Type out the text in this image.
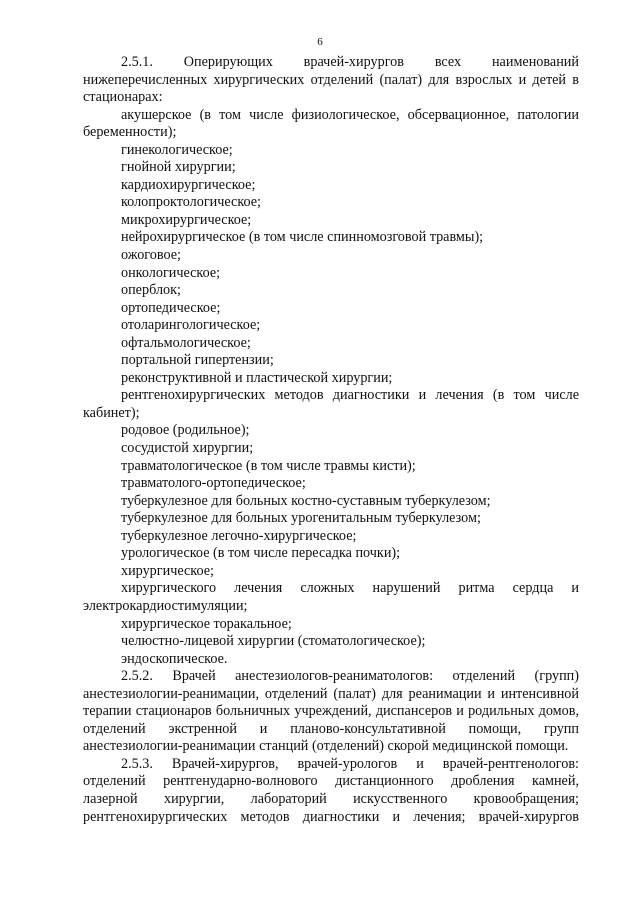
6

2.5.1. Оперирующих врачей-хирургов всех наименований нижеперечисленных хирургических отделений (палат) для взрослых и детей в стационарах:

акушерское (в том числе физиологическое, обсервационное, патологии беременности);

гинекологическое;

гнойной хирургии;

кардиохирургическое;

колопроктологическое;

микрохирургическое;

нейрохирургическое (в том числе спинномозговой травмы);

ожоговое;

онкологическое;

оперблок;

ортопедическое;

отоларингологическое;

офтальмологическое;

портальной гипертензии;

реконструктивной и пластической хирургии;

рентгенохирургических методов диагностики и лечения (в том числе кабинет);

родовое (родильное);

сосудистой хирургии;

травматологическое (в том числе травмы кисти);

травматолого-ортопедическое;

туберкулезное для больных костно-суставным туберкулезом;

туберкулезное для больных урогенитальным туберкулезом;

туберкулезное легочно-хирургическое;

урологическое (в том числе пересадка почки);

хирургическое;

хирургического лечения сложных нарушений ритма сердца и электрокардиостимуляции;

хирургическое торакальное;

челюстно-лицевой хирургии (стоматологическое);

эндоскопическое.

2.5.2. Врачей анестезиологов-реаниматологов: отделений (групп) анестезиологии-реанимации, отделений (палат) для реанимации и интенсивной терапии стационаров больничных учреждений, диспансеров и родильных домов, отделений экстренной и планово-консультативной помощи, групп анестезиологии-реанимации станций (отделений) скорой медицинской помощи.

2.5.3. Врачей-хирургов, врачей-урологов и врачей-рентгенологов: отделений рентгенударно-волнового дистанционного дробления камней, лазерной хирургии, лабораторий искусственного кровообращения; рентгенохирургических методов диагностики и лечения; врачей-хирургов
